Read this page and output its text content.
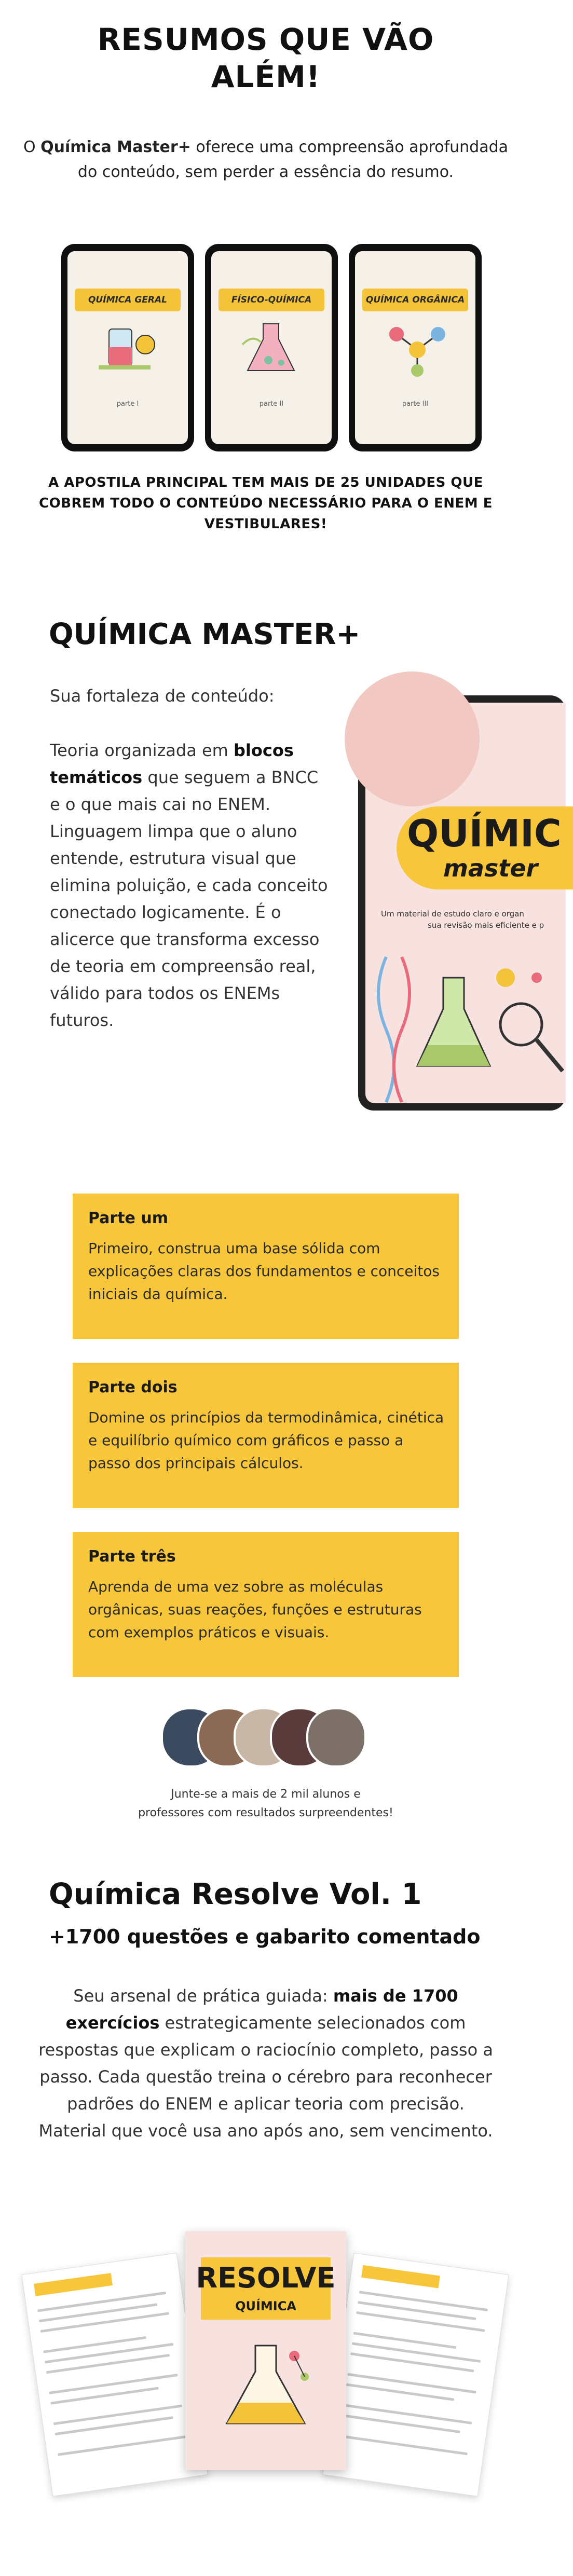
RESUMOS QUE VÃO
ALÉM!
O Química Master+ oferece uma compreensão aprofundada do conteúdo, sem perder a essência do resumo.
QUÍMICA GERAL
parte I
FÍSICO-QUÍMICA
parte II
QUÍMICA ORGÂNICA
parte III
A APOSTILA PRINCIPAL TEM MAIS DE 25 UNIDADES QUE COBREM TODO O CONTEÚDO NECESSÁRIO PARA O ENEM E VESTIBULARES!
QUÍMICA MASTER+
Sua fortaleza de conteúdo:
Teoria organizada em blocos temáticos que seguem a BNCC e o que mais cai no ENEM. Linguagem limpa que o aluno entende, estrutura visual que elimina poluição, e cada conceito conectado logicamente. É o alicerce que transforma excesso de teoria em compreensão real, válido para todos os ENEMs futuros.
QUÍMIC
master
Um material de estudo claro e organ
sua revisão mais eficiente e p
Parte um
Primeiro, construa uma base sólida com explicações claras dos fundamentos e conceitos iniciais da química.
Parte dois
Domine os princípios da termodinâmica, cinética e equilíbrio químico com gráficos e passo a passo dos principais cálculos.
Parte três
Aprenda de uma vez sobre as moléculas orgânicas, suas reações, funções e estruturas com exemplos práticos e visuais.
Junte-se a mais de 2 mil alunos e
professores com resultados surpreendentes!
Química Resolve Vol. 1
+1700 questões e gabarito comentado
Seu arsenal de prática guiada: mais de 1700 exercícios estrategicamente selecionados com respostas que explicam o raciocínio completo, passo a passo. Cada questão treina o cérebro para reconhecer padrões do ENEM e aplicar teoria com precisão. Material que você usa ano após ano, sem vencimento.
RESOLVE
QUÍMICA
